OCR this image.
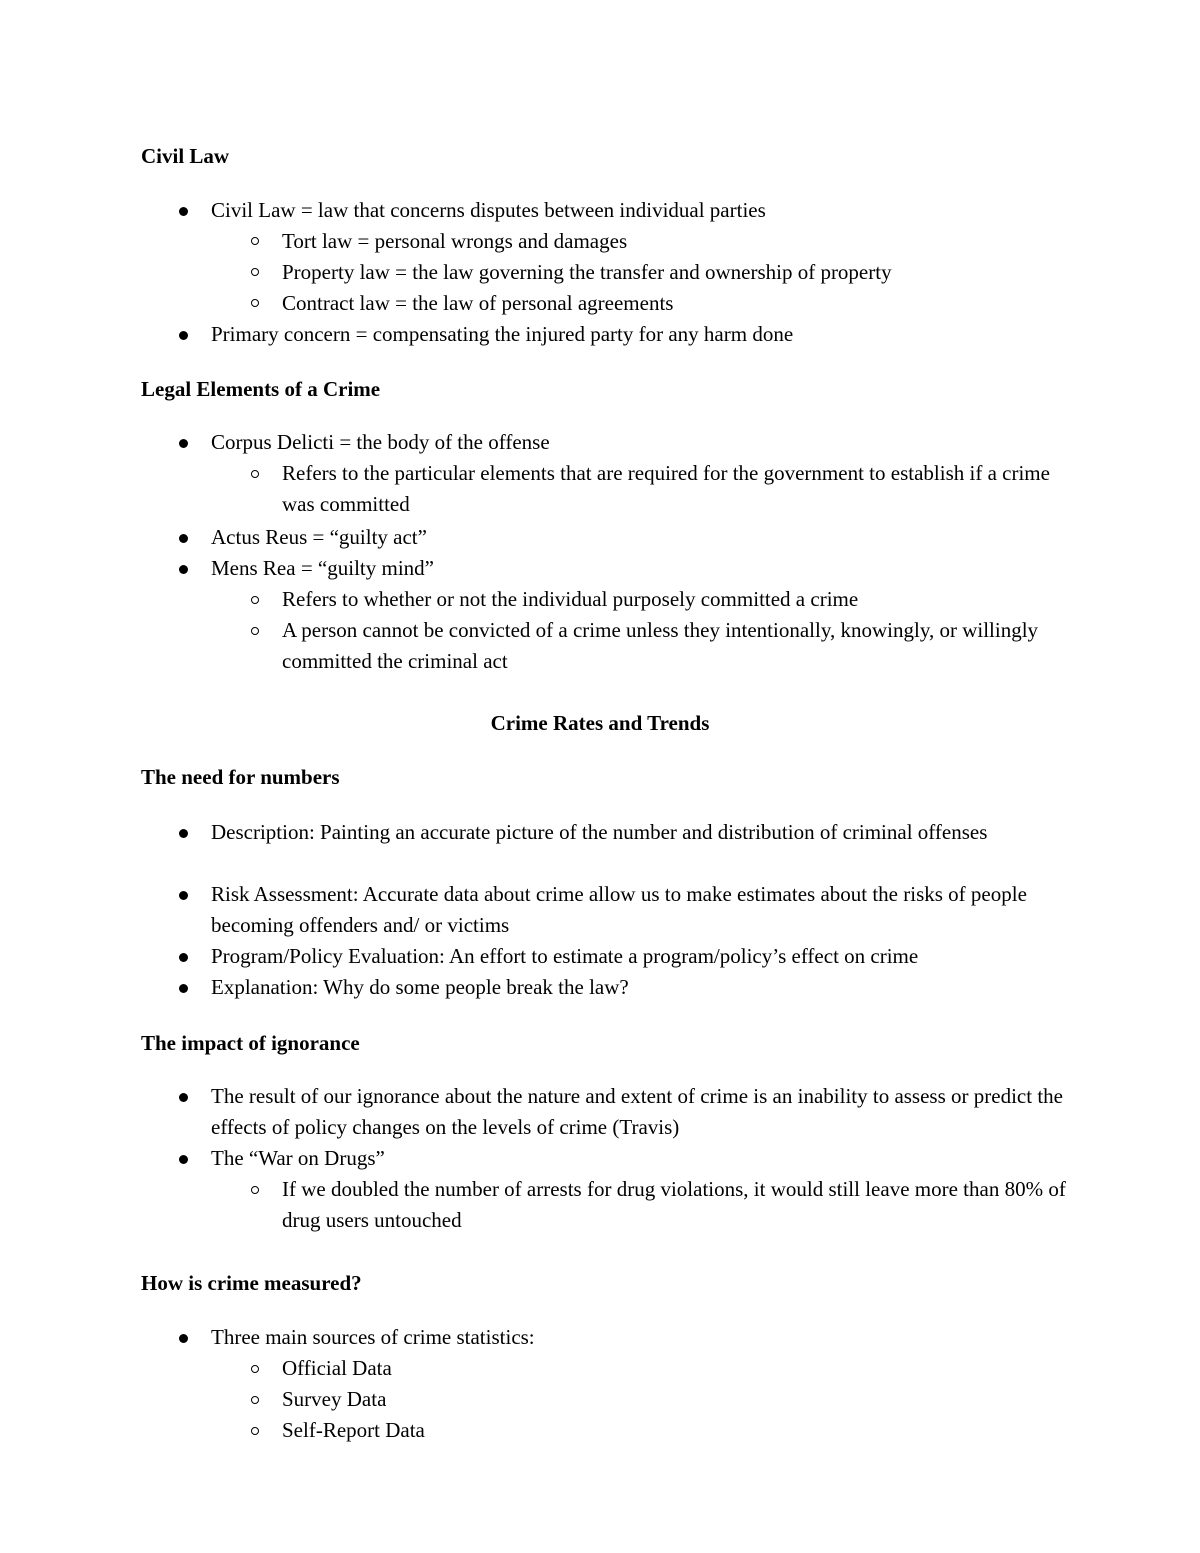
Civil Law
Civil Law = law that concerns disputes between individual parties
Tort law = personal wrongs and damages
Property law = the law governing the transfer and ownership of property
Contract law = the law of personal agreements
Primary concern = compensating the injured party for any harm done
Legal Elements of a Crime
Corpus Delicti = the body of the offense
Refers to the particular elements that are required for the government to establish if a crime was committed
Actus Reus = “guilty act”
Mens Rea = “guilty mind”
Refers to whether or not the individual purposely committed a crime
A person cannot be convicted of a crime unless they intentionally, knowingly, or willingly committed the criminal act
Crime Rates and Trends
The need for numbers
Description: Painting an accurate picture of the number and distribution of criminal offenses
Risk Assessment: Accurate data about crime allow us to make estimates about the risks of people becoming offenders and/ or victims
Program/Policy Evaluation: An effort to estimate a program/policy’s effect on crime
Explanation: Why do some people break the law?
The impact of ignorance
The result of our ignorance about the nature and extent of crime is an inability to assess or predict the effects of policy changes on the levels of crime (Travis)
The “War on Drugs”
If we doubled the number of arrests for drug violations, it would still leave more than 80% of drug users untouched
How is crime measured?
Three main sources of crime statistics:
Official Data
Survey Data
Self-Report Data
